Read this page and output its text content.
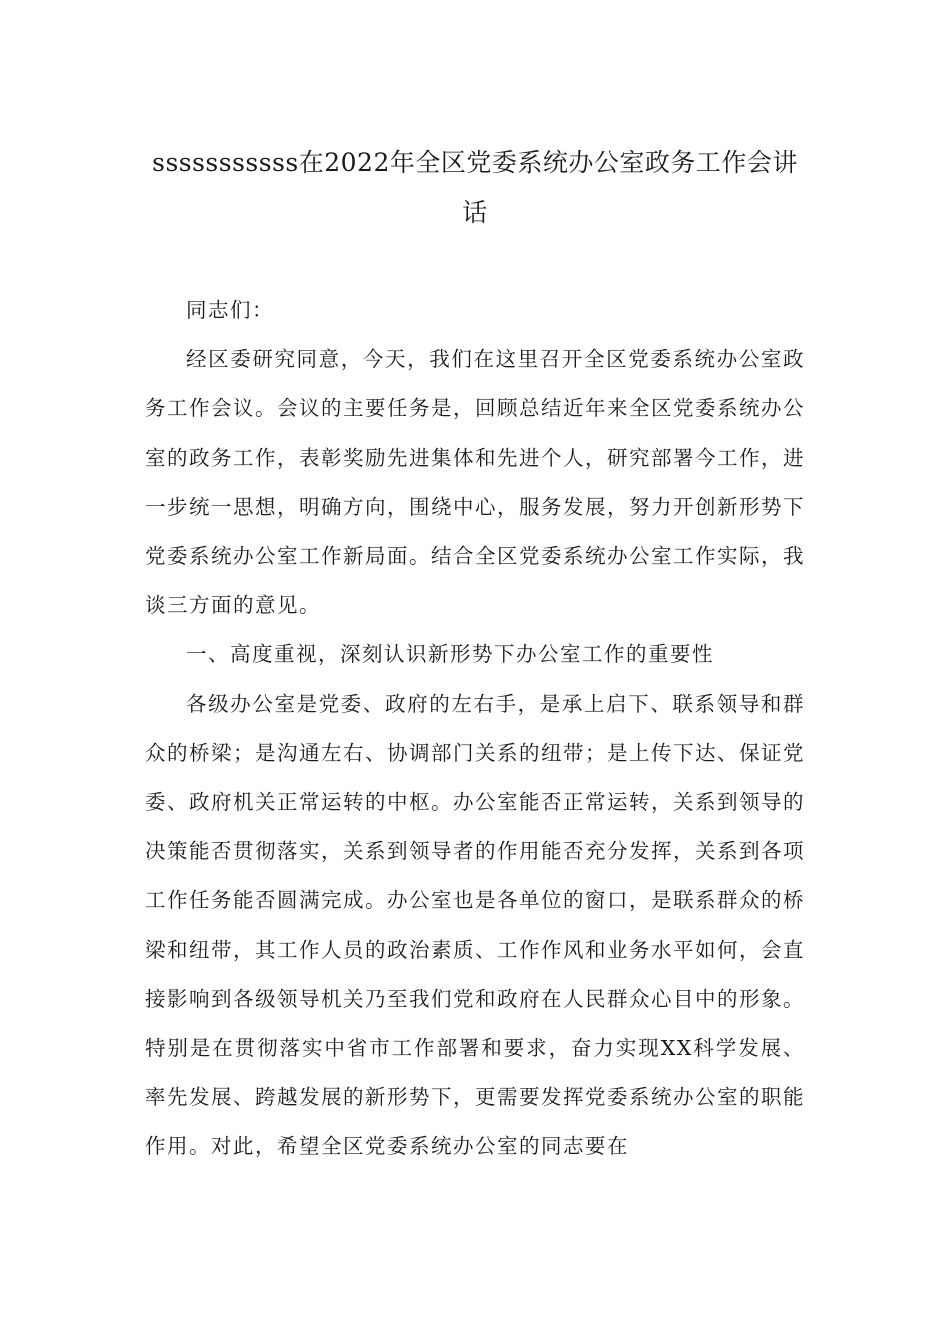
sssssssssss在2022年全区党委系统办公室政务工作会讲
话

同志们：

经区委研究同意，今天，我们在这里召开全区党委系统办公室政务工作会议。会议的主要任务是，回顾总结近年来全区党委系统办公室的政务工作，表彰奖励先进集体和先进个人，研究部署今工作，进一步统一思想，明确方向，围绕中心，服务发展，努力开创新形势下党委系统办公室工作新局面。结合全区党委系统办公室工作实际，我谈三方面的意见。

一、高度重视，深刻认识新形势下办公室工作的重要性

各级办公室是党委、政府的左右手，是承上启下、联系领导和群众的桥梁；是沟通左右、协调部门关系的纽带；是上传下达、保证党委、政府机关正常运转的中枢。办公室能否正常运转，关系到领导的决策能否贯彻落实，关系到领导者的作用能否充分发挥，关系到各项工作任务能否圆满完成。办公室也是各单位的窗口，是联系群众的桥梁和纽带，其工作人员的政治素质、工作作风和业务水平如何，会直接影响到各级领导机关乃至我们党和政府在人民群众心目中的形象。特别是在贯彻落实中省市工作部署和要求，奋力实现XX科学发展、率先发展、跨越发展的新形势下，更需要发挥党委系统办公室的职能作用。对此，希望全区党委系统办公室的同志要在
